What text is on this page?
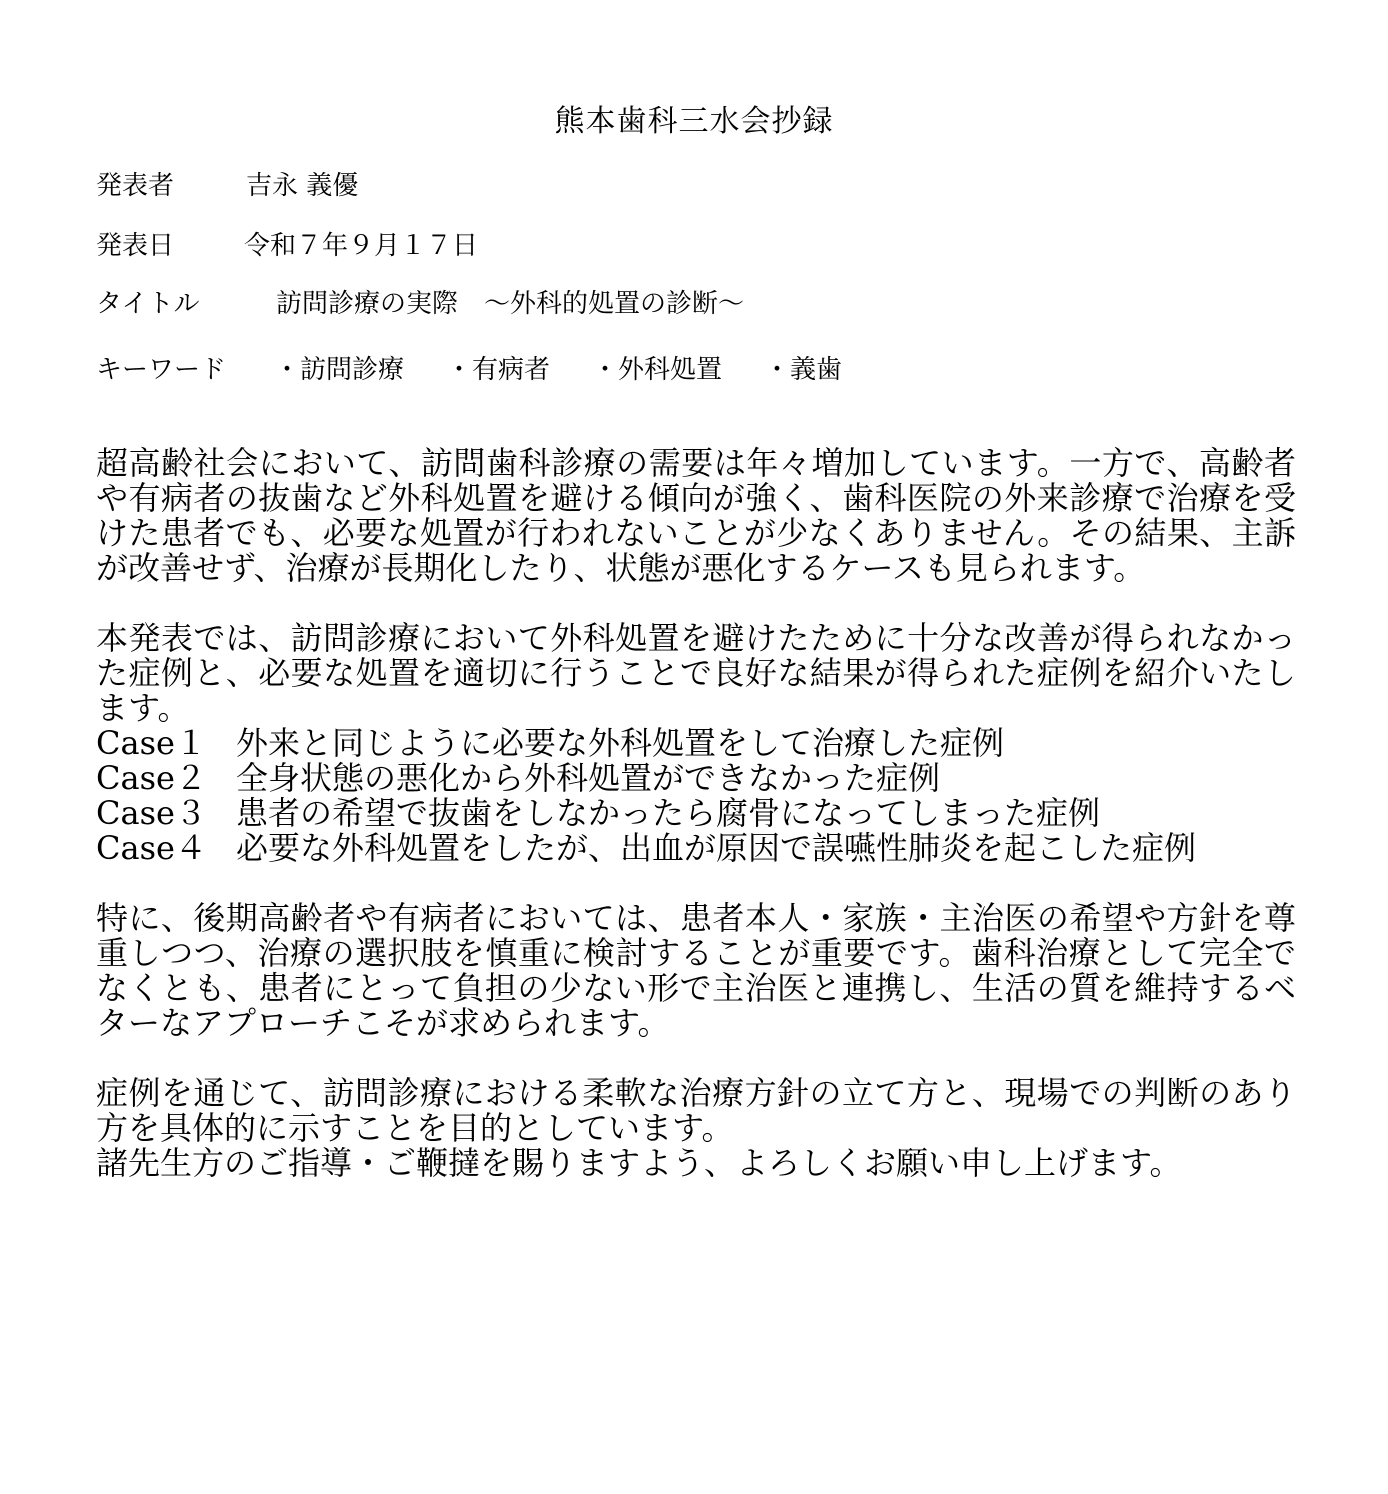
熊本歯科三水会抄録
発表者	吉永 義優
発表日	令和７年９月１７日
タイトル	訪問診療の実際　～外科的処置の診断～
キーワード ・訪問診療 ・有病者 ・外科処置 ・義歯

超高齢社会において、訪問歯科診療の需要は年々増加しています。一方で、高齢者や有病者の抜歯など外科処置を避ける傾向が強く、歯科医院の外来診療で治療を受けた患者でも、必要な処置が行われないことが少なくありません。その結果、主訴が改善せず、治療が長期化したり、状態が悪化するケースも見られます。

本発表では、訪問診療において外科処置を避けたために十分な改善が得られなかった症例と、必要な処置を適切に行うことで良好な結果が得られた症例を紹介いたします。

Case１ 外来と同じように必要な外科処置をして治療した症例
Case２ 全身状態の悪化から外科処置ができなかった症例
Case３ 患者の希望で抜歯をしなかったら腐骨になってしまった症例
Case４ 必要な外科処置をしたが、出血が原因で誤嚥性肺炎を起こした症例

特に、後期高齢者や有病者においては、患者本人・家族・主治医の希望や方針を尊重しつつ、治療の選択肢を慎重に検討することが重要です。歯科治療として完全でなくとも、患者にとって負担の少ない形で主治医と連携し、生活の質を維持するベターなアプローチこそが求められます。

症例を通じて、訪問診療における柔軟な治療方針の立て方と、現場での判断のあり方を具体的に示すことを目的としています。

諸先生方のご指導・ご鞭撻を賜りますよう、よろしくお願い申し上げます。
